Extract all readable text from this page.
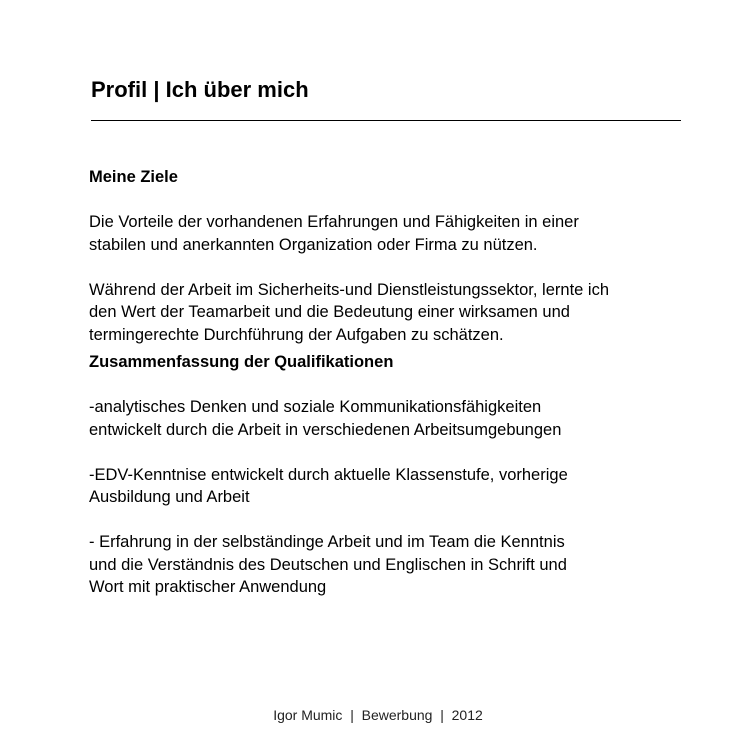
Profil | Ich über mich

Meine Ziele

Die Vorteile der vorhandenen Erfahrungen und Fähigkeiten in einer
stabilen und anerkannten Organization oder Firma zu nützen.

Während der Arbeit im Sicherheits-und Dienstleistungssektor, lernte ich
den Wert der Teamarbeit und die Bedeutung einer wirksamen und
termingerechte Durchführung der Aufgaben zu schätzen.

Zusammenfassung der Qualifikationen

-analytisches Denken und soziale Kommunikationsfähigkeiten
entwickelt durch die Arbeit in verschiedenen Arbeitsumgebungen

-EDV-Kenntnise entwickelt durch aktuelle Klassenstufe, vorherige
Ausbildung und Arbeit

- Erfahrung in der selbständinge Arbeit und im Team die Kenntnis
und die Verständnis des Deutschen und Englischen in Schrift und
Wort mit praktischer Anwendung

Igor Mumic  |  Bewerbung  |  2012
